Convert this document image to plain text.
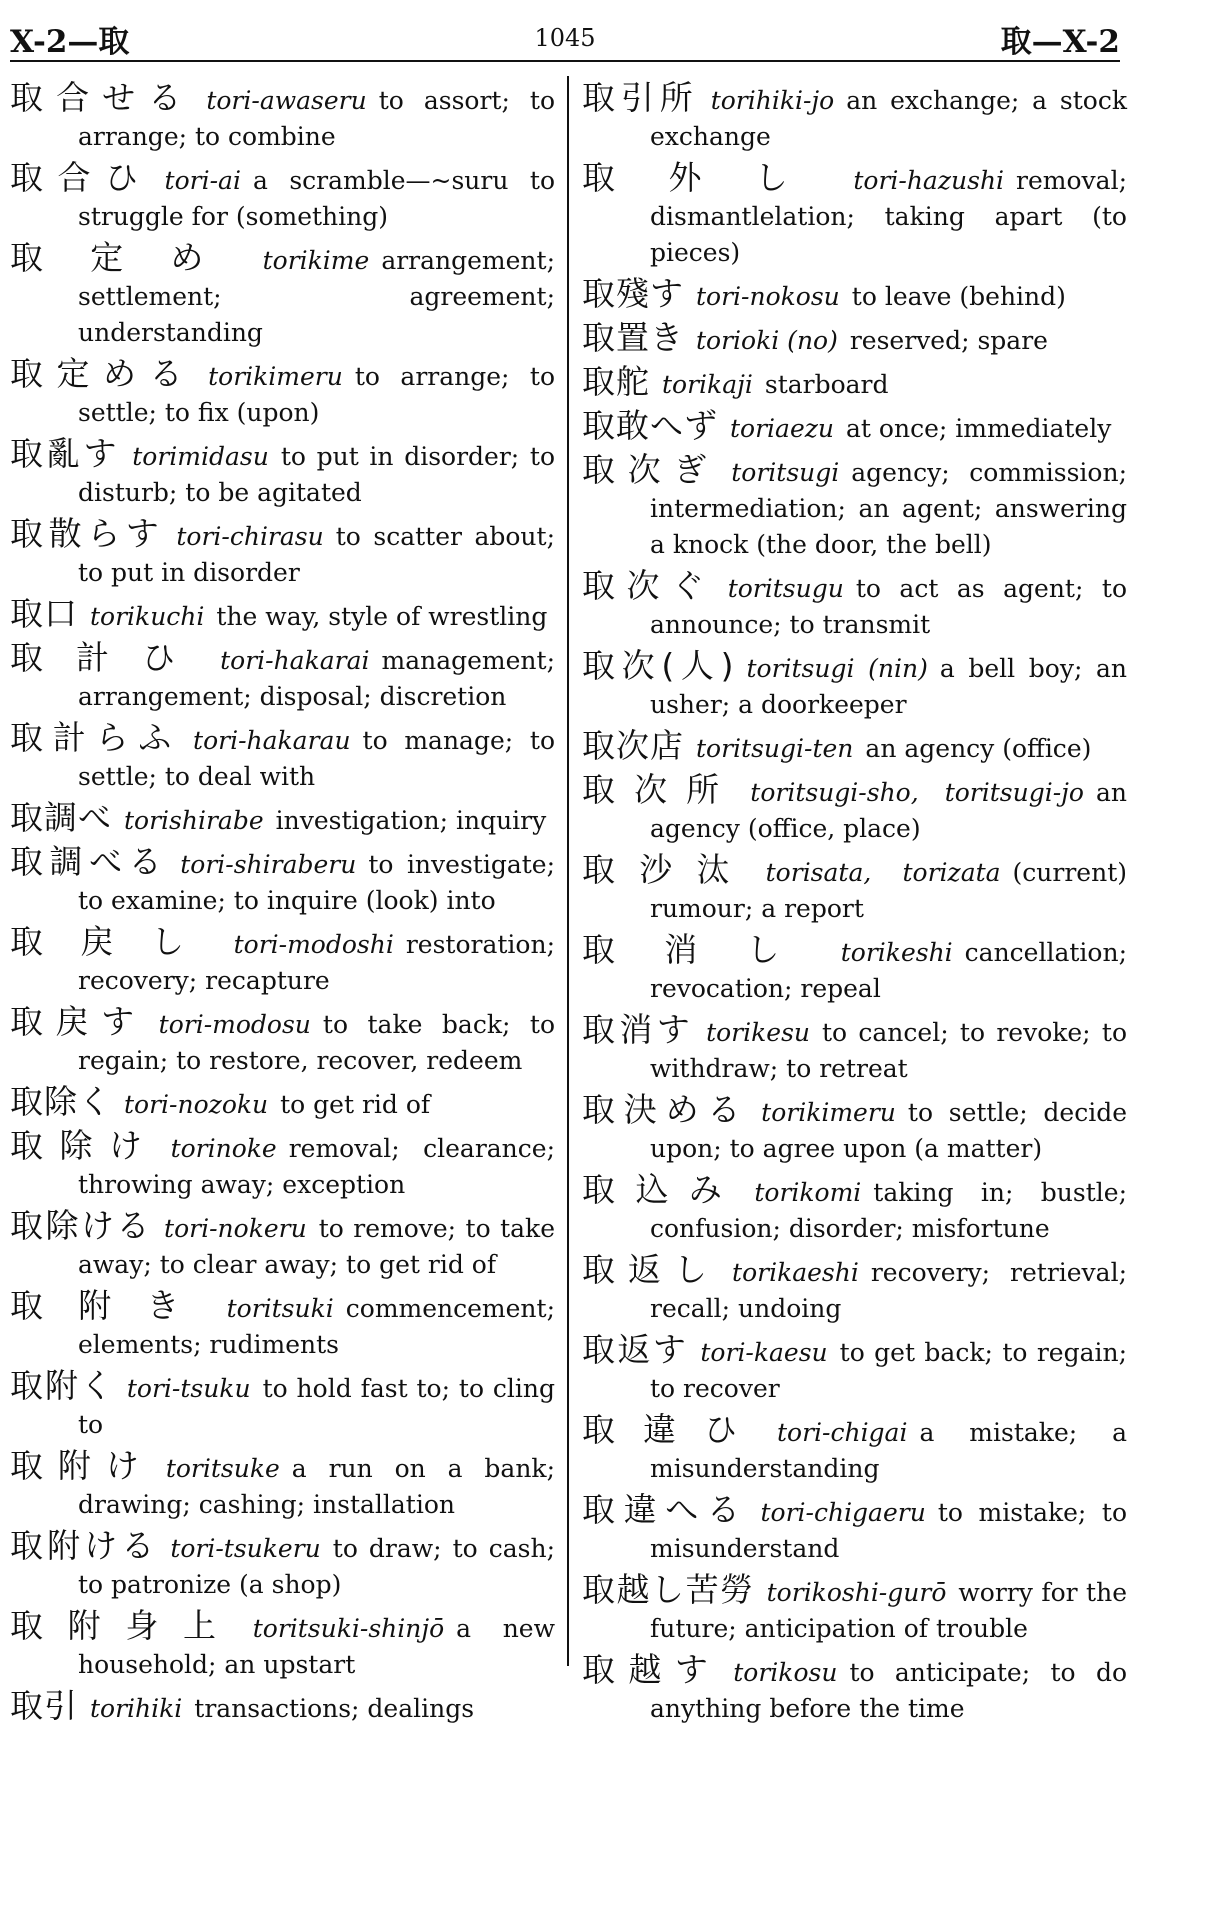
X-2—取	1045	取—X-2
取合せる tori-awaseru to assort; to arrange; to combine
取合ひ tori-ai a scramble—~suru to struggle for (something)
取定め torikime arrangement; settlement; agreement; understanding
取定める torikimeru to arrange; to settle; to fix (upon)
取亂す torimidasu to put in disorder; to disturb; to be agitated
取散らす tori-chirasu to scatter about; to put in disorder
取口 torikuchi the way, style of wrestling
取計ひ tori-hakarai management; arrangement; disposal; discretion
取計らふ tori-hakarau to manage; to settle; to deal with
取調べ torishirabe investigation; inquiry
取調べる tori-shiraberu to investigate; to examine; to inquire (look) into
取戻し tori-modoshi restoration; recovery; recapture
取戻す tori-modosu to take back; to regain; to restore, recover, redeem
取除く tori-nozoku to get rid of
取除け torinoke removal; clearance; throwing away; exception
取除ける tori-nokeru to remove; to take away; to clear away; to get rid of
取附き toritsuki commencement; elements; rudiments
取附く tori-tsuku to hold fast to; to cling to
取附け toritsuke a run on a bank; drawing; cashing; installation
取附ける tori-tsukeru to draw; to cash; to patronize (a shop)
取附身上 toritsuki-shinjō a new household; an upstart
取引 torihiki transactions; dealings
取引所 torihiki-jo an exchange; a stock exchange
取外し tori-hazushi removal; dismantlelation; taking apart (to pieces)
取殘す tori-nokosu to leave (behind)
取置き torioki (no) reserved; spare
取舵 torikaji starboard
取敢へず toriaezu at once; immediately
取次ぎ toritsugi agency; commission; intermediation; an agent; answering a knock (the door, the bell)
取次ぐ toritsugu to act as agent; to announce; to transmit
取次(人) toritsugi (nin) a bell boy; an usher; a doorkeeper
取次店 toritsugi-ten an agency (office)
取次所 toritsugi-sho, toritsugi-jo an agency (office, place)
取沙汰 torisata, torizata (current) rumour; a report
取消し torikeshi cancellation; revocation; repeal
取消す torikesu to cancel; to revoke; to withdraw; to retreat
取決める torikimeru to settle; decide upon; to agree upon (a matter)
取込み torikomi taking in; bustle; confusion; disorder; misfortune
取返し torikaeshi recovery; retrieval; recall; undoing
取返す tori-kaesu to get back; to regain; to recover
取違ひ tori-chigai a mistake; a misunderstanding
取違へる tori-chigaeru to mistake; to misunderstand
取越し苦勞 torikoshi-gurō worry for the future; anticipation of trouble
取越す torikosu to anticipate; to do anything before the time
